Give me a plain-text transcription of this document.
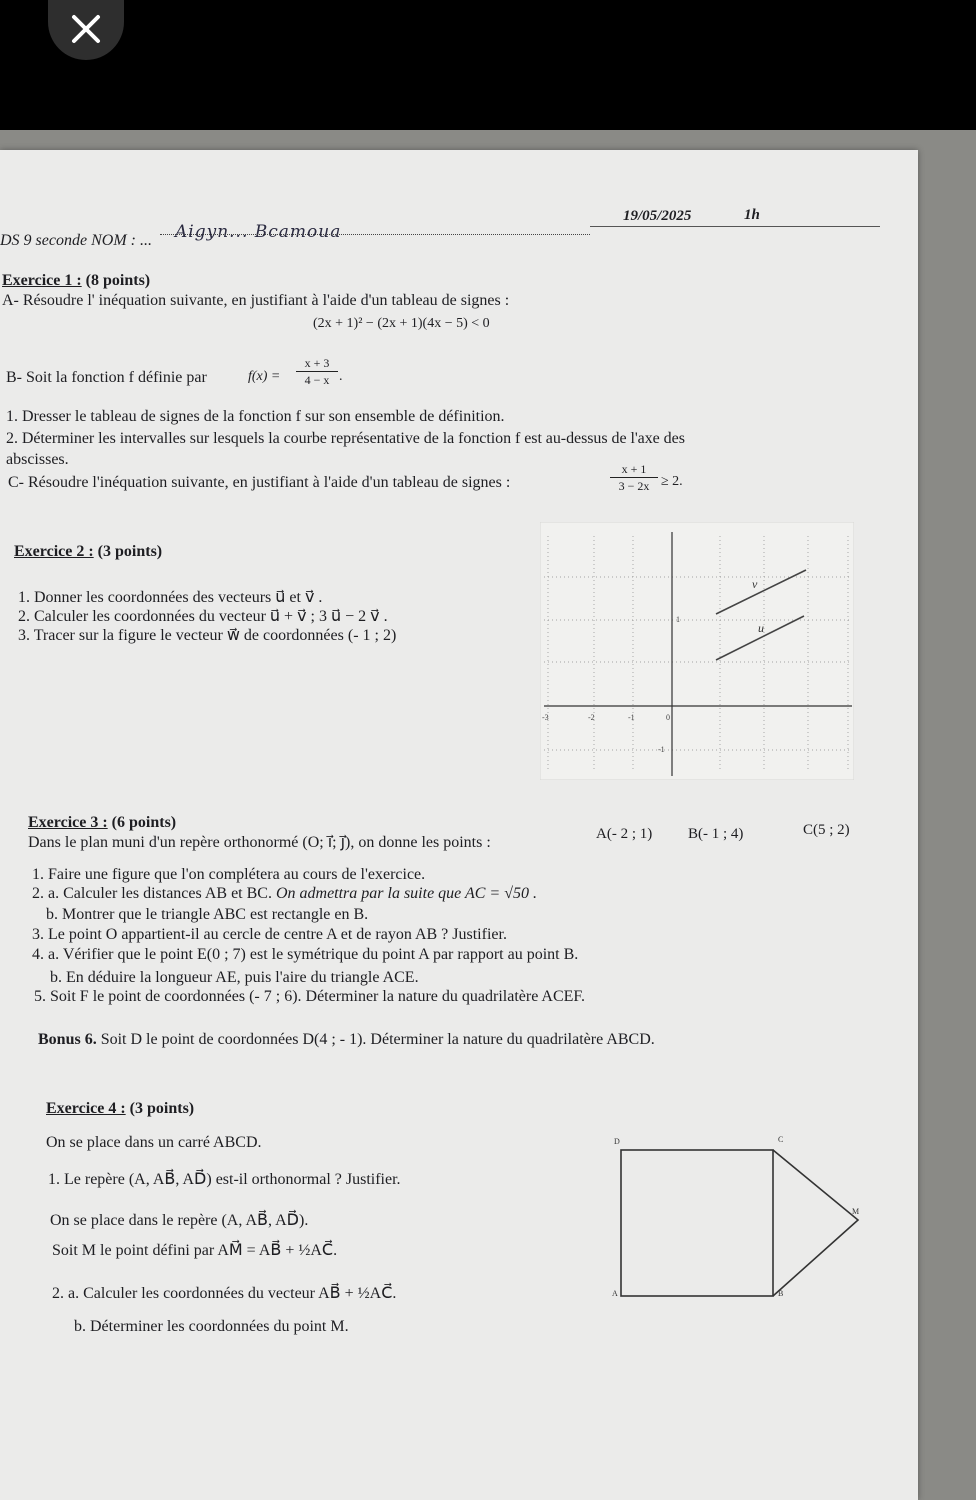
DS 9 seconde NOM : ... Aigyn... Bcamoua
19/05/2025	1h
Exercice 1 : (8 points)
A- Résoudre l' inéquation suivante, en justifiant à l'aide d'un tableau de signes :
(2x + 1)² − (2x + 1)(4x − 5) < 0
B- Soit la fonction f définie par	$f(x) = \frac{x + 3}{4 - x}$ .
1. Dresser le tableau de signes de la fonction f sur son ensemble de définition.
2. Déterminer les intervalles sur lesquels la courbe représentative de la fonction f est au-dessus de l'axe des
abscisses.
C- Résoudre l'inéquation suivante, en justifiant à l'aide d'un tableau de signes :	$\frac{x + 1}{3 - 2x} \ge 2$.
Exercice 2 : (3 points)
1. Donner les coordonnées des vecteurs u⃗ et v⃗ .
2. Calculer les coordonnées du vecteur u⃗ + v⃗ ; 3 u⃗ − 2 v⃗ .
3. Tracer sur la figure le vecteur w⃗ de coordonnées (- 1 ; 2)
v⃗
u⃗
-3	-2	-1	0
1
-1
Exercice 3 : (6 points)
Dans le plan muni d'un repère orthonormé (O; i⃗; j⃗), on donne les points :	A(- 2 ; 1) B(- 1 ; 4)	C(5 ; 2)
1. Faire une figure que l'on complétera au cours de l'exercice.
2. a. Calculer les distances AB et BC. On admettra par la suite que AC = √50 .
b. Montrer que le triangle ABC est rectangle en B.
3. Le point O appartient-il au cercle de centre A et de rayon AB ? Justifier.
4. a. Vérifier que le point E(0 ; 7) est le symétrique du point A par rapport au point B.
b. En déduire la longueur AE, puis l'aire du triangle ACE.
5. Soit F le point de coordonnées (- 7 ; 6). Déterminer la nature du quadrilatère ACEF.
Bonus 6. Soit D le point de coordonnées D(4 ; - 1). Déterminer la nature du quadrilatère ABCD.
Exercice 4 : (3 points)
On se place dans un carré ABCD.
1. Le repère (A, AB⃗, AD⃗) est-il orthonormal ? Justifier.
On se place dans le repère (A, AB⃗, AD⃗).
Soit M le point défini par AM⃗ = AB⃗ + ½AC⃗.
2. a. Calculer les coordonnées du vecteur AB⃗ + ½AC⃗.
b. Déterminer les coordonnées du point M.
D	C
M
A	B
